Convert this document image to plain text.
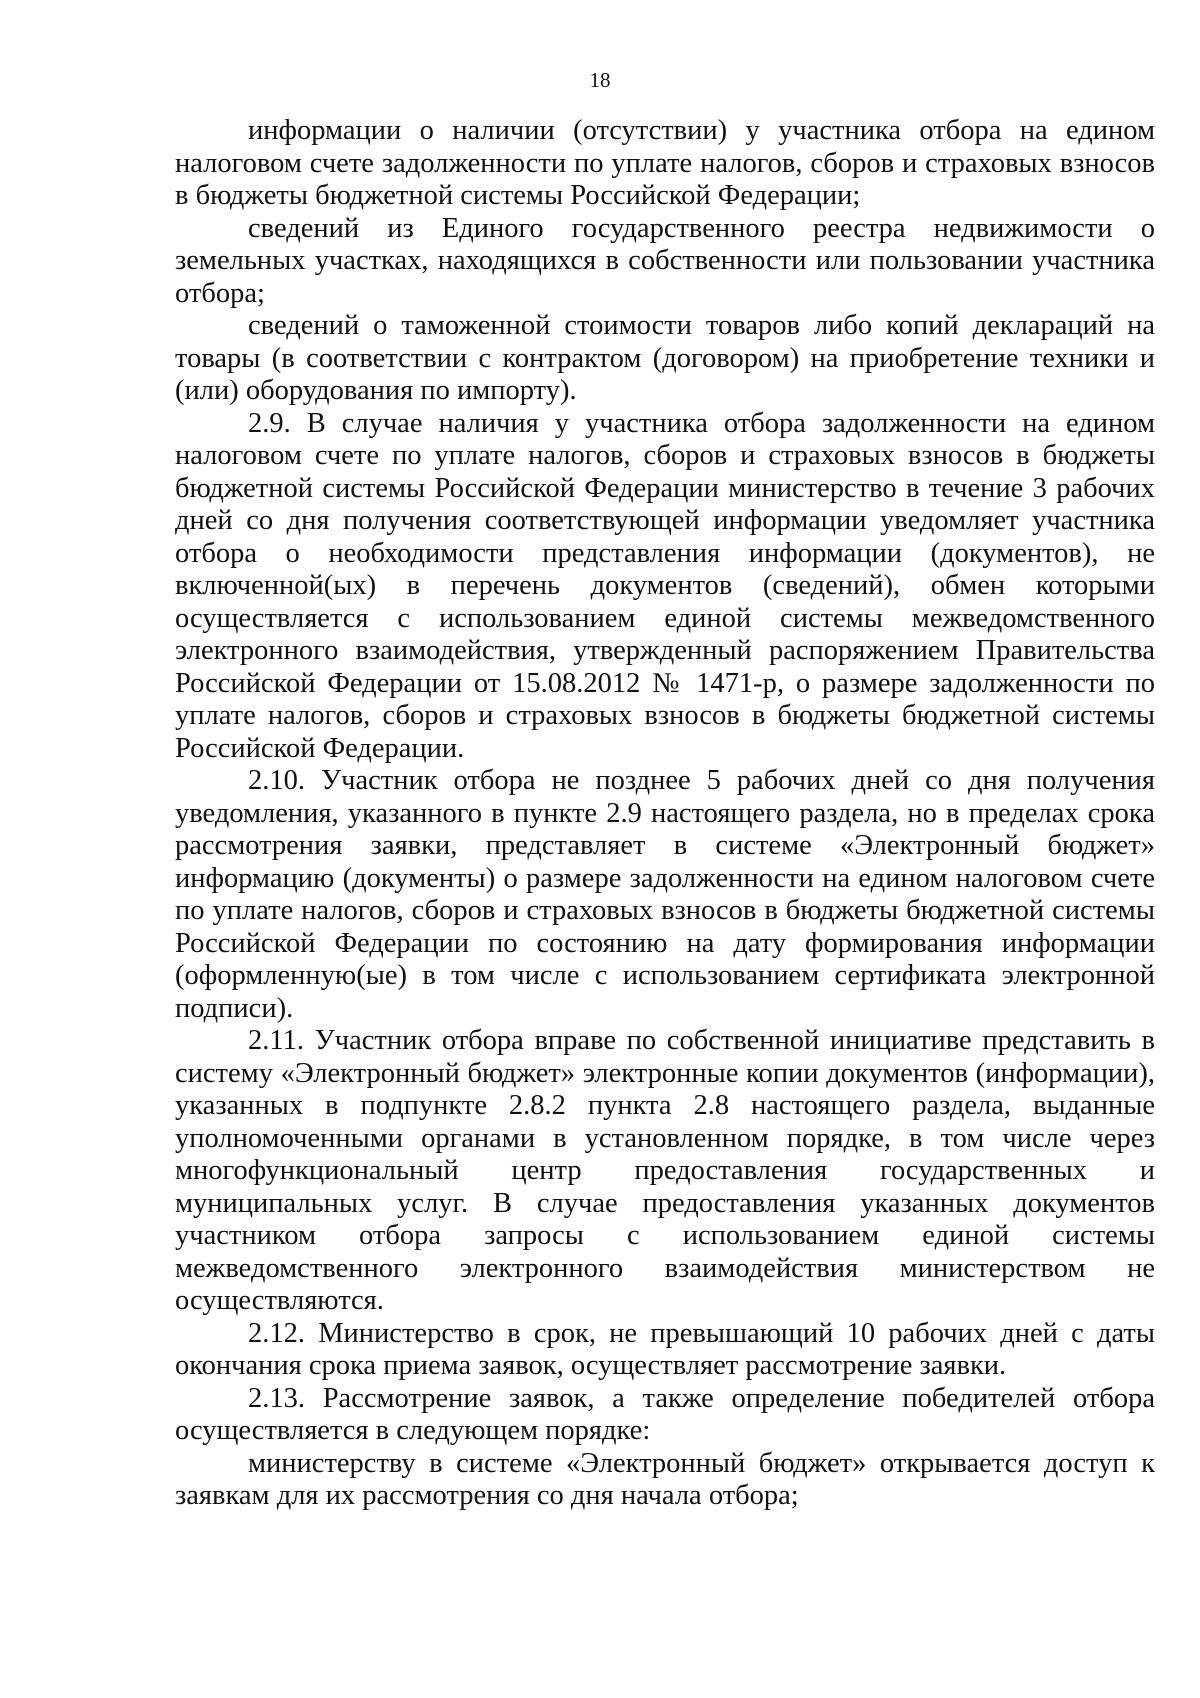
18

информации о наличии (отсутствии) у участника отбора на едином налоговом счете задолженности по уплате налогов, сборов и страховых взносов в бюджеты бюджетной системы Российской Федерации;

сведений из Единого государственного реестра недвижимости о земельных участках, находящихся в собственности или пользовании участника отбора;

сведений о таможенной стоимости товаров либо копий деклараций на товары (в соответствии с контрактом (договором) на приобретение техники и (или) оборудования по импорту).

2.9. В случае наличия у участника отбора задолженности на едином налоговом счете по уплате налогов, сборов и страховых взносов в бюджеты бюджетной системы Российской Федерации министерство в течение 3 рабочих дней со дня получения соответствующей информации уведомляет участника отбора о необходимости представления информации (документов), не включенной(ых) в перечень документов (сведений), обмен которыми осуществляется с использованием единой системы межведомственного электронного взаимодействия, утвержденный распоряжением Правительства Российской Федерации от 15.08.2012 № 1471-р, о размере задолженности по уплате налогов, сборов и страховых взносов в бюджеты бюджетной системы Российской Федерации.

2.10. Участник отбора не позднее 5 рабочих дней со дня получения уведомления, указанного в пункте 2.9 настоящего раздела, но в пределах срока рассмотрения заявки, представляет в системе «Электронный бюджет» информацию (документы) о размере задолженности на едином налоговом счете по уплате налогов, сборов и страховых взносов в бюджеты бюджетной системы Российской Федерации по состоянию на дату формирования информации (оформленную(ые) в том числе с использованием сертификата электронной подписи).

2.11. Участник отбора вправе по собственной инициативе представить в систему «Электронный бюджет» электронные копии документов (информации), указанных в подпункте 2.8.2 пункта 2.8 настоящего раздела, выданные уполномоченными органами в установленном порядке, в том числе через многофункциональный центр предоставления государственных и муниципальных услуг. В случае предоставления указанных документов участником отбора запросы с использованием единой системы межведомственного электронного взаимодействия министерством не осуществляются.

2.12. Министерство в срок, не превышающий 10 рабочих дней с даты окончания срока приема заявок, осуществляет рассмотрение заявки.

2.13. Рассмотрение заявок, а также определение победителей отбора осуществляется в следующем порядке:

министерству в системе «Электронный бюджет» открывается доступ к заявкам для их рассмотрения со дня начала отбора;
